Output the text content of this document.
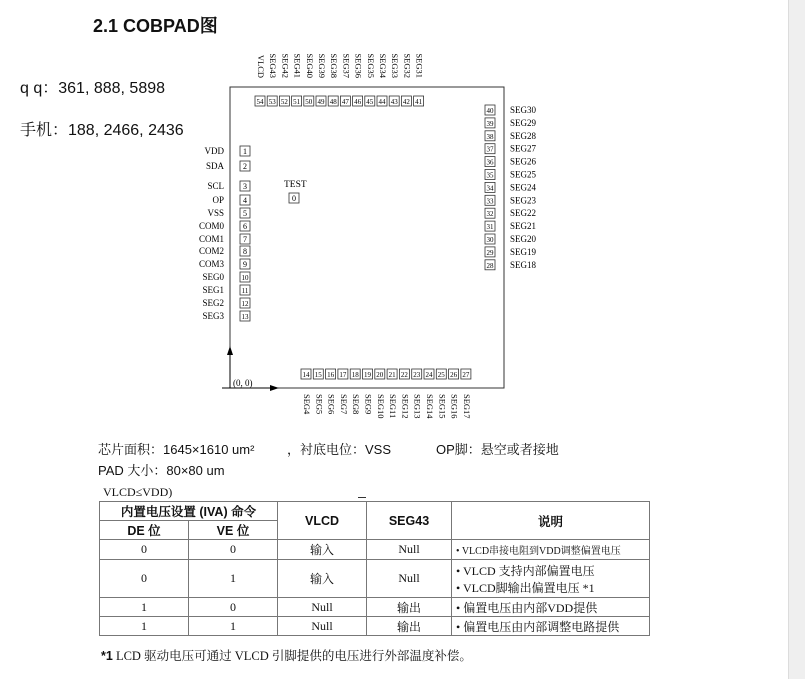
2.1 COBPAD图
q q：361, 888, 5898
手机：188, 2466, 2436
(0, 0)
TEST
0
54
VLCD
53
SEG43
52
SEG42
51
SEG41
50
SEG40
49
SEG39
48
SEG38
47
SEG37
46
SEG36
45
SEG35
44
SEG34
43
SEG33
42
SEG32
41
SEG31
40 SEG30
39 SEG29
38 SEG28
37 SEG27
36 SEG26
35 SEG25
34 SEG24
33 SEG23
32 SEG22
31 SEG21
30 SEG20
29 SEG19
28 SEG18
1
VDD
2
SDA
3
SCL
4
OP
5
VSS
6
COM0
7
COM1
8
COM2
9
COM3
10
SEG0
11
SEG1
12
SEG2
13
SEG3
14
SEG4
15
SEG5
16
SEG6
17
SEG7
18
SEG8
19
SEG9
20
SEG10
21
SEG11
22
SEG12
23
SEG13
24
SEG14
25
SEG15
26
SEG16
27
SEG17
芯片面积：1645×1610 um²	，衬底电位：VSS	OP脚：悬空或者接地
PAD 大小：80×80 um
VLCD≤VDD)
内置电压设置 (IVA) 命令		VLCD	SEG43	说明
DE 位	VE 位			
0	0	输入	Null	• VLCD串接电阻到VDD调整偏置电压
0	1	输入	Null	• VLCD 支持内部偏置电压
• VLCD脚输出偏置电压 *1

1	0	Null	输出	• 偏置电压由内部VDD提供
1	1	Null	输出	• 偏置电压由内部调整电路提供
*1 LCD 驱动电压可通过 VLCD 引脚提供的电压进行外部温度补偿。
